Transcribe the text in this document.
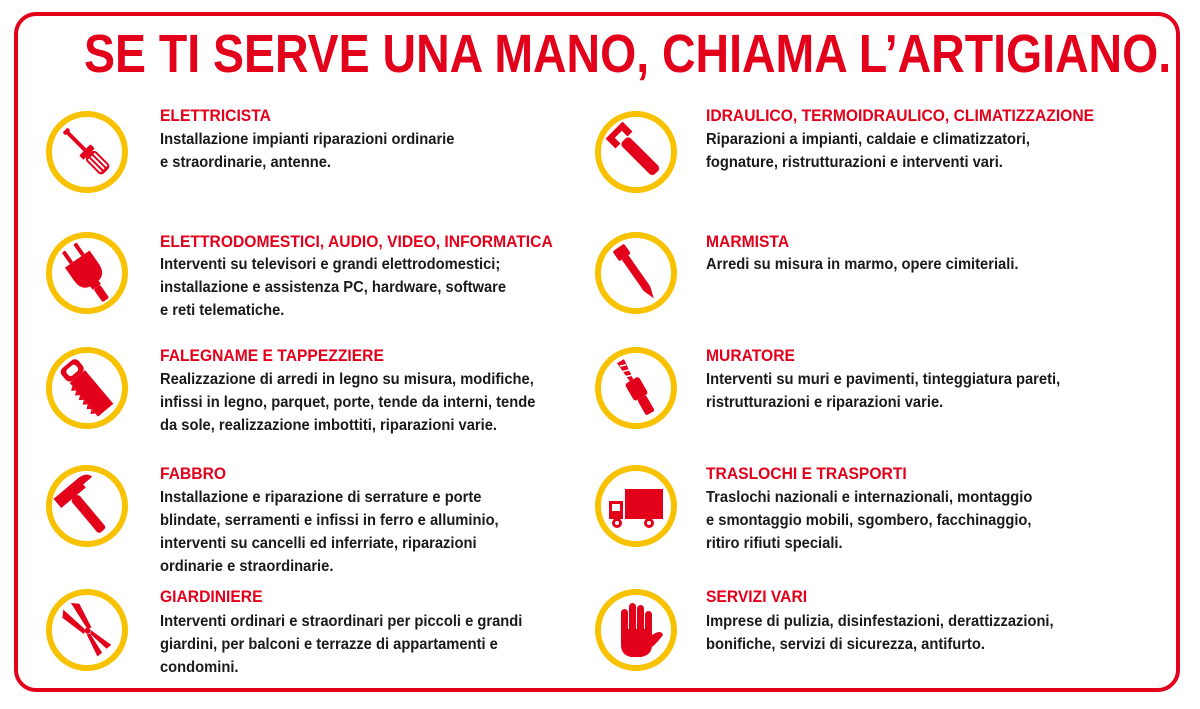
SE TI SERVE UNA MANO, CHIAMA L’ARTIGIANO.
ELETTRICISTA
Installazione impianti riparazioni ordinarie
e straordinarie, antenne.
ELETTRODOMESTICI, AUDIO, VIDEO, INFORMATICA
Interventi su televisori e grandi elettrodomestici;
installazione e assistenza PC, hardware, software
e reti telematiche.
FALEGNAME E TAPPEZZIERE
Realizzazione di arredi in legno su misura, modifiche,
infissi in legno, parquet, porte, tende da interni, tende
da sole, realizzazione imbottiti, riparazioni varie.
FABBRO
Installazione e riparazione di serrature e porte
blindate, serramenti e infissi in ferro e alluminio,
interventi su cancelli ed inferriate, riparazioni
ordinarie e straordinarie.
GIARDINIERE
Interventi ordinari e straordinari per piccoli e grandi
giardini, per balconi e terrazze di appartamenti e
condomini.
IDRAULICO, TERMOIDRAULICO, CLIMATIZZAZIONE
Riparazioni a impianti, caldaie e climatizzatori,
fognature, ristrutturazioni e interventi vari.
MARMISTA
Arredi su misura in marmo, opere cimiteriali.
MURATORE
Interventi su muri e pavimenti, tinteggiatura pareti,
ristrutturazioni e riparazioni varie.
TRASLOCHI E TRASPORTI
Traslochi nazionali e internazionali, montaggio
e smontaggio mobili, sgombero, facchinaggio,
ritiro rifiuti speciali.
SERVIZI VARI
Imprese di pulizia, disinfestazioni, derattizzazioni,
bonifiche, servizi di sicurezza, antifurto.
